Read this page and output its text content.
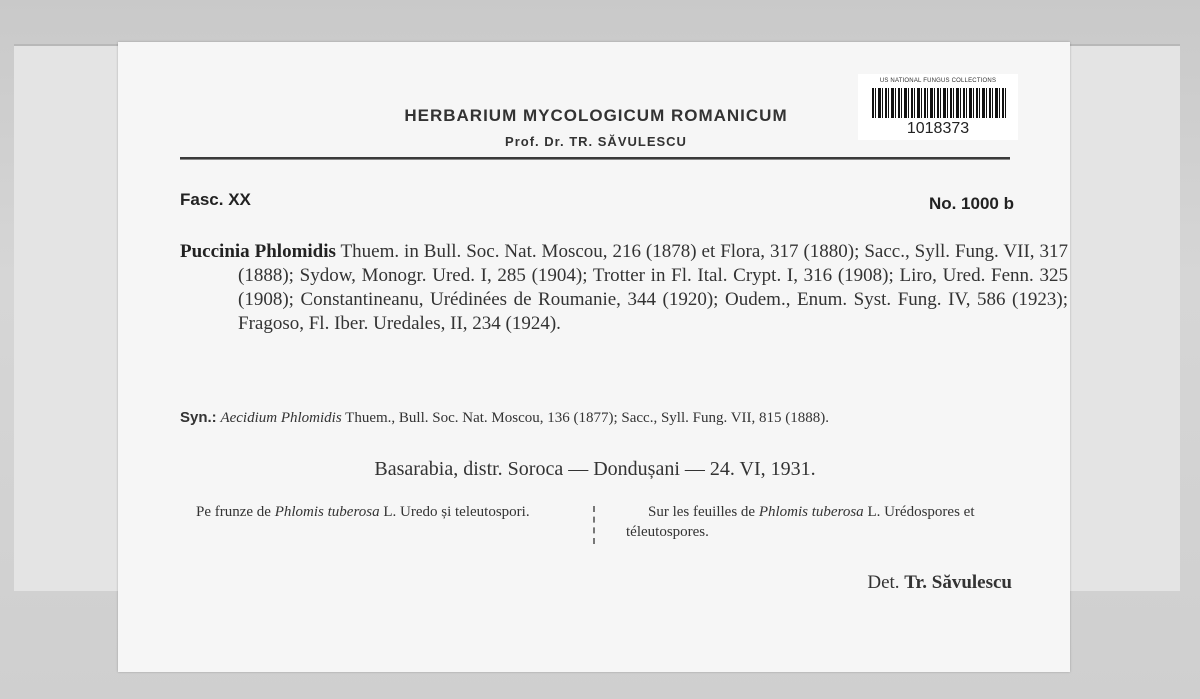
HERBARIUM MYCOLOGICUM ROMANICUM
Prof. Dr. TR. SĂVULESCU
US NATIONAL FUNGUS COLLECTIONS
1018373
Fasc. XX	No. 1000 b
Puccinia Phlomidis Thuem. in Bull. Soc. Nat. Moscou, 216 (1878) et Flora, 317 (1880); Sacc., Syll. Fung. VII, 317 (1888); Sydow, Monogr. Ured. I, 285 (1904); Trotter in Fl. Ital. Crypt. I, 316 (1908); Liro, Ured. Fenn. 325 (1908); Constantineanu, Urédinées de Roumanie, 344 (1920); Oudem., Enum. Syst. Fung. IV, 586 (1923); Fragoso, Fl. Iber. Uredales, II, 234 (1924).
Syn.: Aecidium Phlomidis Thuem., Bull. Soc. Nat. Moscou, 136 (1877); Sacc., Syll. Fung. VII, 815 (1888).
Basarabia, distr. Soroca — Dondușani — 24. VI, 1931.
Pe frunze de Phlomis tuberosa L. Uredo și teleutospori.	Sur les feuilles de Phlomis tuberosa L. Urédospores et téleutospores.
Det. Tr. Săvulescu
